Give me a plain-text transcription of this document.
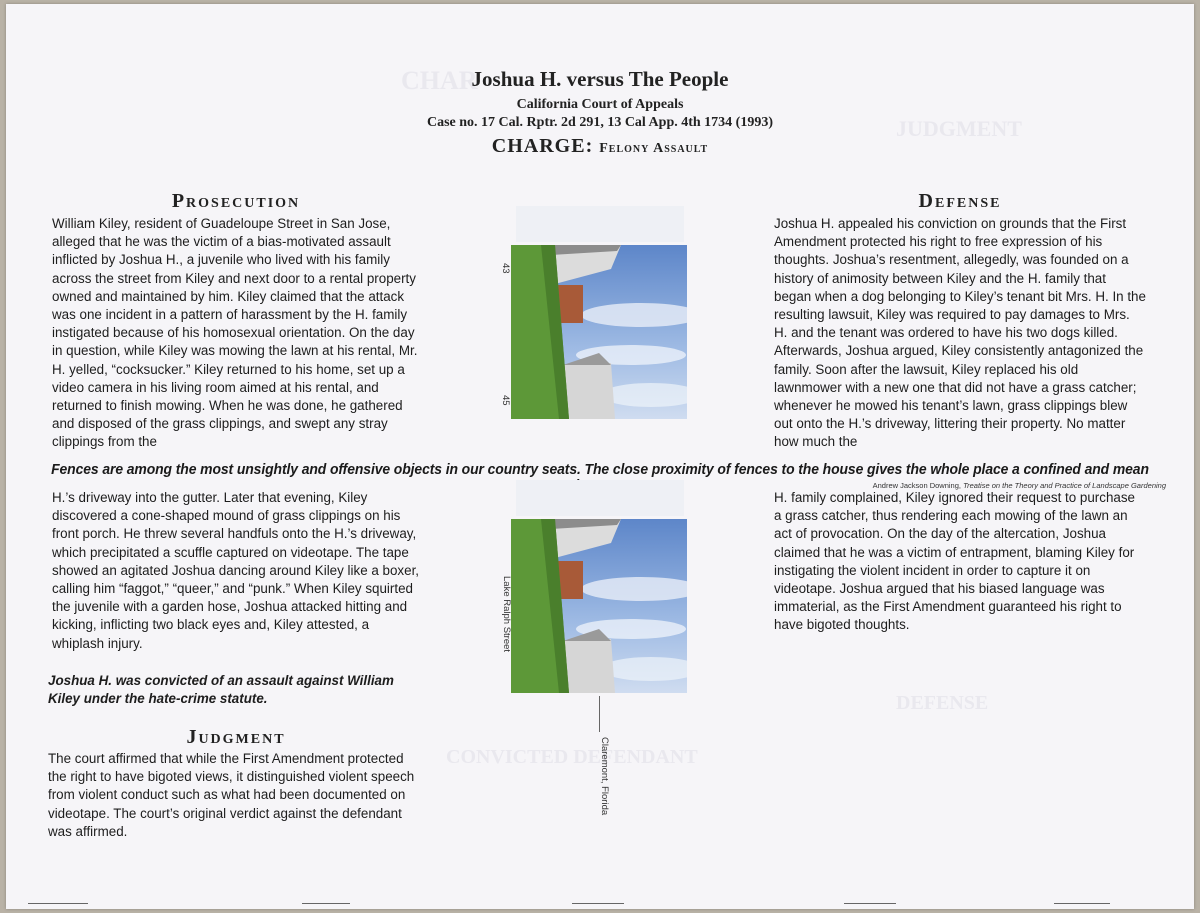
CHAR
JUDGMENT
DEFENSE
CONVICTED DEFENDANT
Joshua H. versus The People
California Court of Appeals
Case no. 17 Cal. Rptr. 2d 291, 13 Cal App. 4th 1734 (1993)
CHARGE: Felony Assault
Prosecution
William Kiley, resident of Guadeloupe Street in San Jose, alleged that he was the victim of a bias-motivated assault inflicted by Joshua H., a juvenile who lived with his family across the street from Kiley and next door to a rental property owned and maintained by him. Kiley claimed that the attack was one incident in a pattern of harassment by the H. family instigated because of his homosexual orientation. On the day in question, while Kiley was mowing the lawn at his rental, Mr. H. yelled, “cocksucker.” Kiley returned to his home, set up a video camera in his living room aimed at his rental, and returned to finish mowing. When he was done, he gathered and disposed of the grass clippings, and swept any stray clippings from the
H.’s driveway into the gutter. Later that evening, Kiley discovered a cone-shaped mound of grass clippings on his front porch. He threw several handfuls onto the H.’s driveway, which precipitated a scuffle captured on videotape. The tape showed an agitated Joshua dancing around Kiley like a boxer, calling him “faggot,” “queer,” and “punk.” When Kiley squirted the juvenile with a garden hose, Joshua attacked hitting and kicking, inflicting two black eyes and, Kiley attested, a whiplash injury.
Joshua H. was convicted of an assault against William Kiley under the hate-crime statute.
Judgment
The court affirmed that while the First Amendment protected the right to have bigoted views, it distinguished violent speech from violent conduct such as what had been documented on videotape. The court’s original verdict against the defendant was affirmed.
Defense
Joshua H. appealed his conviction on grounds that the First Amendment protected his right to free expression of his thoughts. Joshua’s resentment, allegedly, was founded on a history of animosity between Kiley and the H. family that began when a dog belonging to Kiley’s tenant bit Mrs. H. In the resulting lawsuit, Kiley was required to pay damages to Mrs. H. and the tenant was ordered to have his two dogs killed. Afterwards, Joshua argued, Kiley consistently antagonized the family. Soon after the lawsuit, Kiley replaced his old lawnmower with a new one that did not have a grass catcher; whenever he mowed his tenant’s lawn, grass clippings blew out onto the H.’s driveway, littering their property. No matter how much the
H. family complained, Kiley ignored their request to purchase a grass catcher, thus rendering each mowing of the lawn an act of provocation. On the day of the altercation, Joshua claimed that he was a victim of entrapment, blaming Kiley for instigating the violent incident in order to capture it on videotape. Joshua argued that his biased language was immaterial, as the First Amendment guaranteed his right to have bigoted thoughts.
Fences are among the most unsightly and offensive objects in our country seats. The close proximity of fences to the house gives the whole place a confined and mean
Andrew Jackson Downing, Treatise on the Theory and Practice of Landscape Gardening
43
45
Lake Ralph Street
Claremont, Florida
